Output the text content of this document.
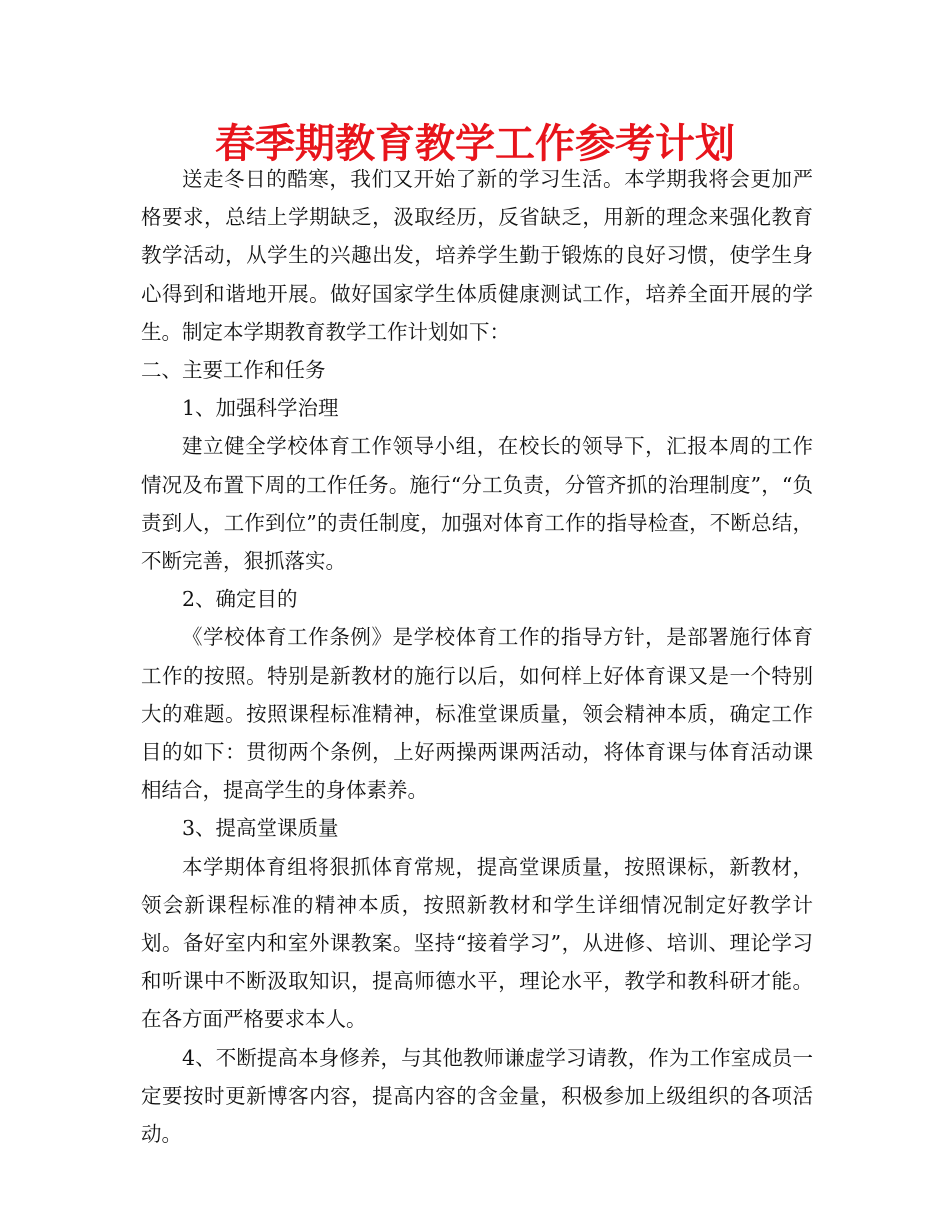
春季期教育教学工作参考计划

送走冬日的酷寒，我们又开始了新的学习生活。本学期我将会更加严格要求，总结上学期缺乏，汲取经历，反省缺乏，用新的理念来强化教育教学活动，从学生的兴趣出发，培养学生勤于锻炼的良好习惯，使学生身心得到和谐地开展。做好国家学生体质健康测试工作，培养全面开展的学生。制定本学期教育教学工作计划如下：

二、主要工作和任务

1、加强科学治理

建立健全学校体育工作领导小组，在校长的领导下，汇报本周的工作情况及布置下周的工作任务。施行“分工负责，分管齐抓的治理制度”，“负责到人，工作到位”的责任制度，加强对体育工作的指导检查，不断总结，不断完善，狠抓落实。

2、确定目的

《学校体育工作条例》是学校体育工作的指导方针，是部署施行体育工作的按照。特别是新教材的施行以后，如何样上好体育课又是一个特别大的难题。按照课程标准精神，标准堂课质量，领会精神本质，确定工作目的如下：贯彻两个条例，上好两操两课两活动，将体育课与体育活动课相结合，提高学生的身体素养。

3、提高堂课质量

本学期体育组将狠抓体育常规，提高堂课质量，按照课标，新教材，领会新课程标准的精神本质，按照新教材和学生详细情况制定好教学计划。备好室内和室外课教案。坚持“接着学习”，从进修、培训、理论学习和听课中不断汲取知识，提高师德水平，理论水平，教学和教科研才能。在各方面严格要求本人。

4、不断提高本身修养，与其他教师谦虚学习请教，作为工作室成员一定要按时更新博客内容，提高内容的含金量，积极参加上级组织的各项活动。
